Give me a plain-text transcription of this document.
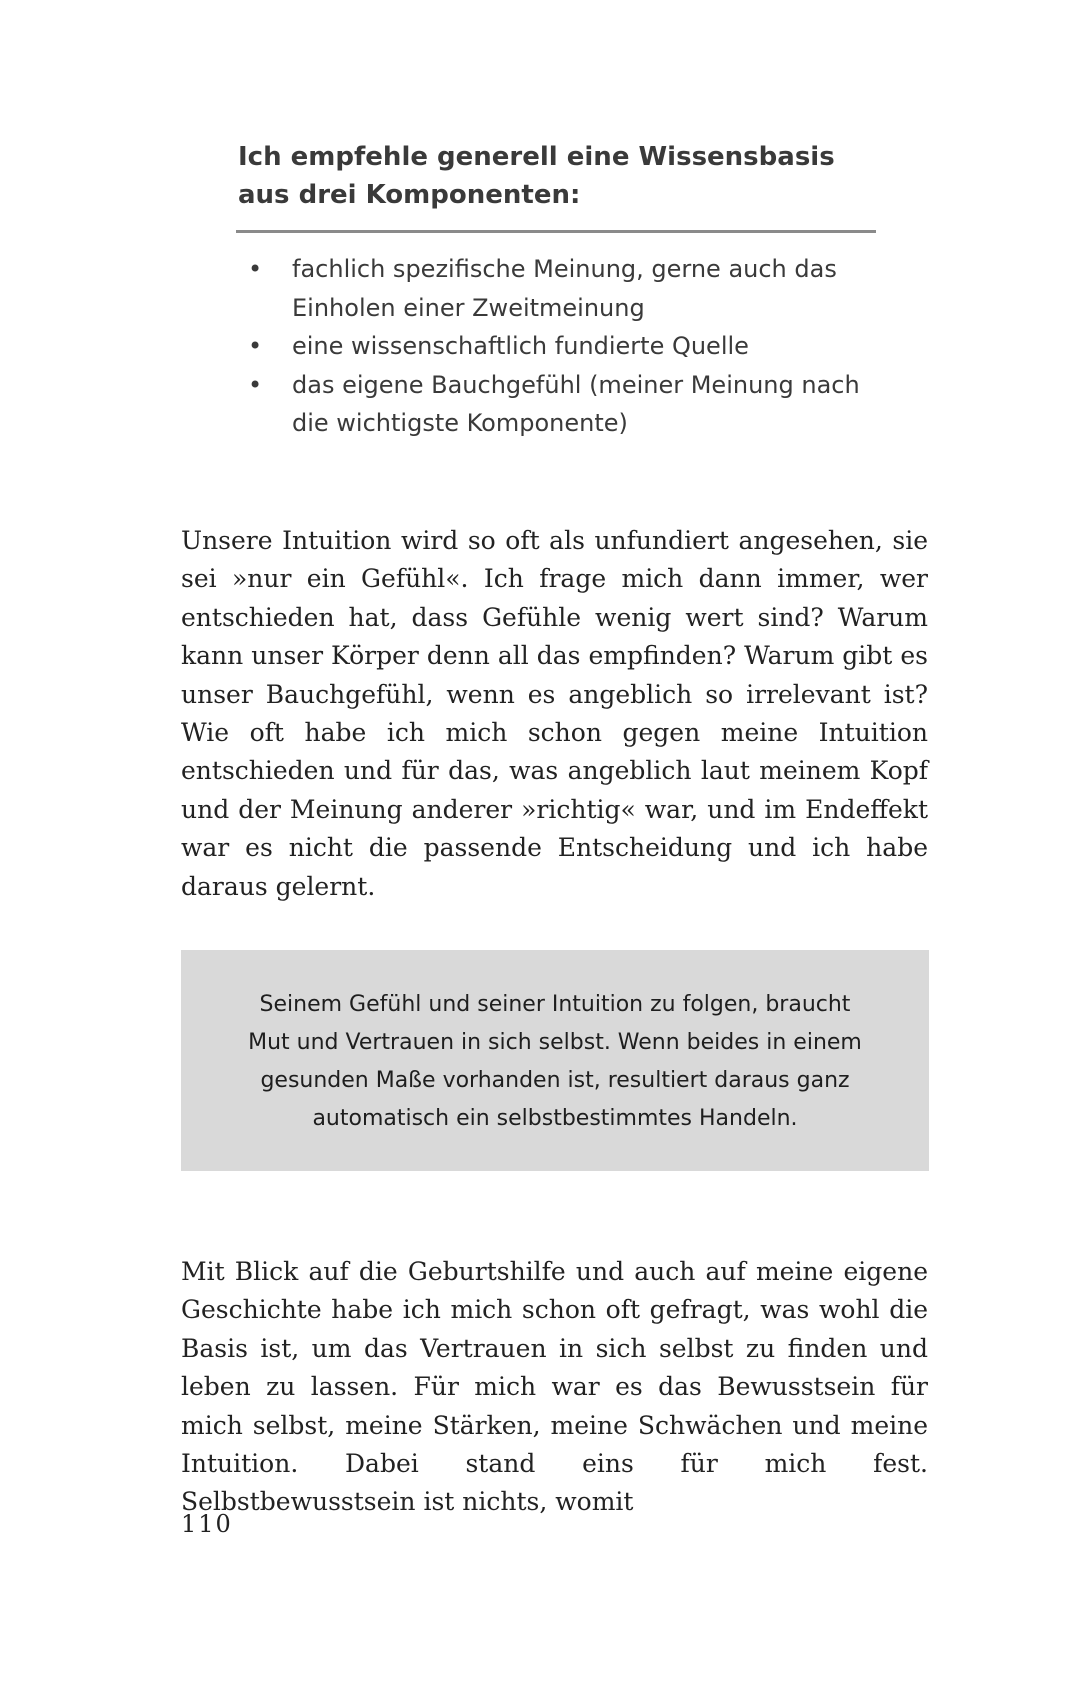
Ich empfehle generell eine Wissensbasis aus drei Komponenten:

• fachlich spezifische Meinung, gerne auch das Einholen einer Zweitmeinung
• eine wissenschaftlich fundierte Quelle
• das eigene Bauchgefühl (meiner Meinung nach die wichtigste Komponente)

Unsere Intuition wird so oft als unfundiert angesehen, sie sei »nur ein Gefühl«. Ich frage mich dann immer, wer entschieden hat, dass Gefühle wenig wert sind? Warum kann unser Körper denn all das empfinden? Warum gibt es unser Bauchgefühl, wenn es angeblich so irrelevant ist? Wie oft habe ich mich schon gegen meine Intuition entschieden und für das, was angeblich laut meinem Kopf und der Meinung anderer »richtig« war, und im Endeffekt war es nicht die passende Entscheidung und ich habe daraus gelernt.

Seinem Gefühl und seiner Intuition zu folgen, braucht Mut und Vertrauen in sich selbst. Wenn beides in einem gesunden Maße vorhanden ist, resultiert daraus ganz automatisch ein selbstbestimmtes Handeln.

Mit Blick auf die Geburtshilfe und auch auf meine eigene Geschichte habe ich mich schon oft gefragt, was wohl die Basis ist, um das Vertrauen in sich selbst zu finden und leben zu lassen. Für mich war es das Bewusstsein für mich selbst, meine Stärken, meine Schwächen und meine Intuition. Dabei stand eins für mich fest. Selbstbewusstsein ist nichts, womit

110
